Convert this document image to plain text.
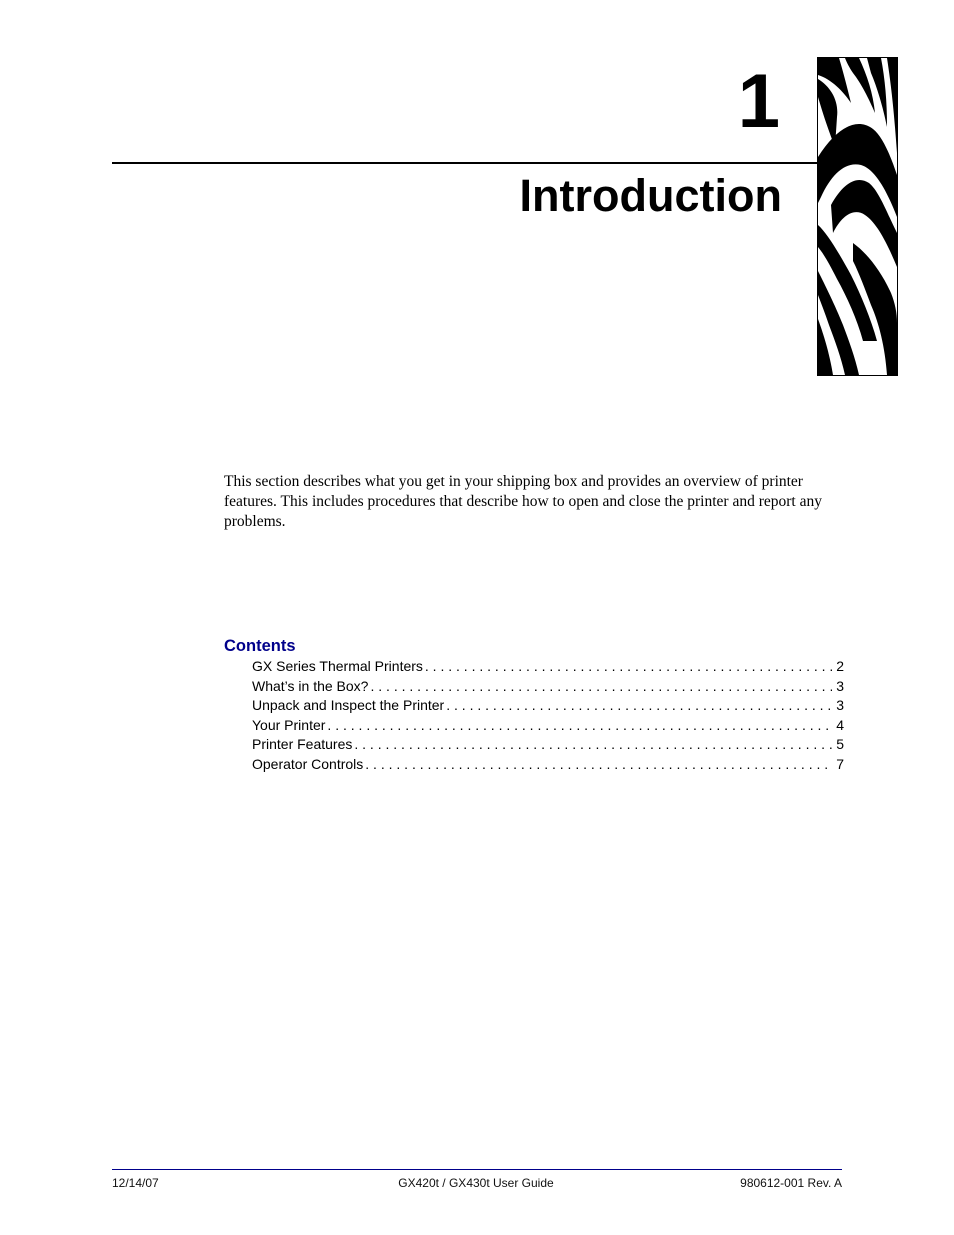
1
Introduction

This section describes what you get in your shipping box and provides an overview of printer features. This includes procedures that describe how to open and close the printer and report any problems.

Contents
GX Series Thermal Printers . . .	2
What’s in the Box? . . .	3
Unpack and Inspect the Printer . . .	3
Your Printer . . .	4
Printer Features . . .	5
Operator Controls . . .	7

12/14/07	GX420t / GX430t User Guide	980612-001 Rev. A
